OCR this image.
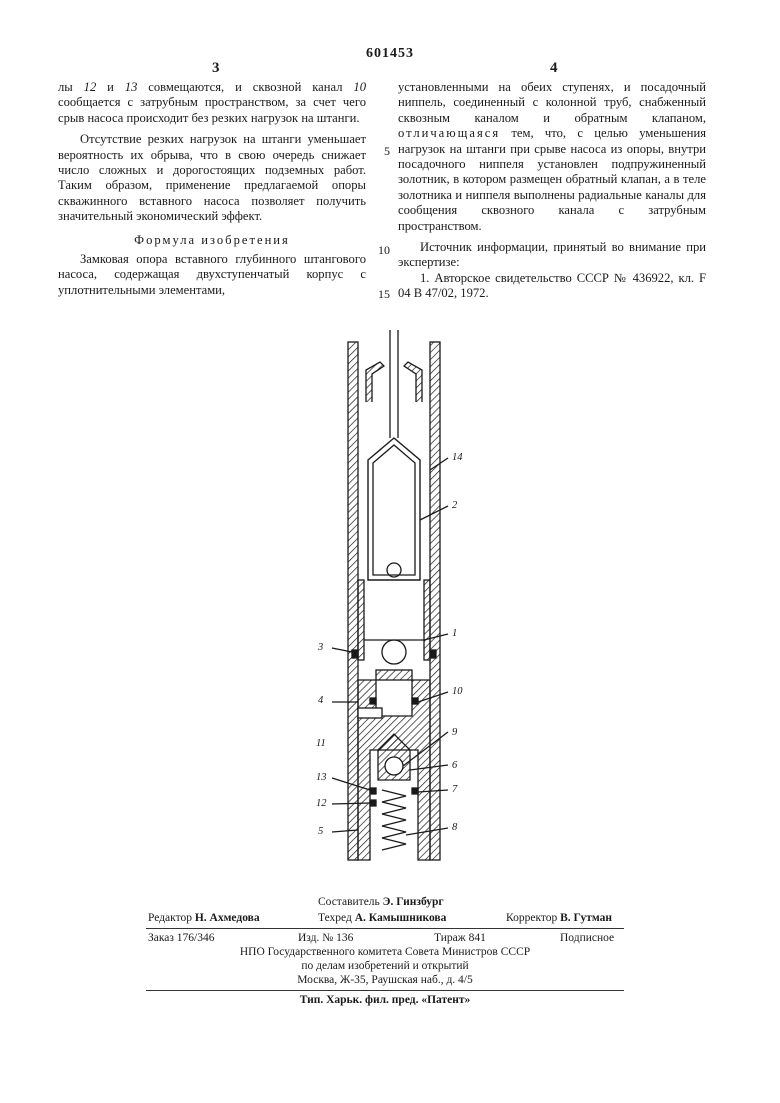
601453
3	4

лы 12 и 13 совмещаются, и сквозной канал 10 сообщается с затрубным пространством, за счет чего срыв насоса происходит без резких нагрузок на штанги.

Отсутствие резких нагрузок на штанги уменьшает вероятность их обрыва, что в свою очередь снижает число сложных и дорогостоящих подземных работ. Таким образом, применение предлагаемой опоры скважинного вставного насоса позволяет получить значительный экономический эффект.

Формула изобретения

Замковая опора вставного глубинного штангового насоса, содержащая двухступенчатый корпус с уплотнительными элементами,

5
10
15

установленными на обеих ступенях, и посадочный ниппель, соединенный с колонной труб, снабженный сквозным каналом и обратным клапаном, отличающаяся тем, что, с целью уменьшения нагрузок на штанги при срыве насоса из опоры, внутри посадочного ниппеля установлен подпружиненный золотник, в котором размещен обратный клапан, а в теле золотника и ниппеля выполнены радиальные каналы для сообщения сквозного канала с затрубным пространством.

Источник информации, принятый во внимание при экспертизе:

1. Авторское свидетельство СССР № 436922, кл. F 04 B 47/02, 1972.

14
2
1
3
10
4
11
9
6
13
7
12
5	8
Составитель Э. Гинзбург
Редактор Н. Ахмедова	Техред А. Камышникова	Корректор В. Гутман
Заказ 176/346	Изд. № 136	Тираж 841	Подписное
НПО Государственного комитета Совета Министров СССР
по делам изобретений и открытий
Москва, Ж-35, Раушская наб., д. 4/5
Тип. Харьк. фил. пред. «Патент»
